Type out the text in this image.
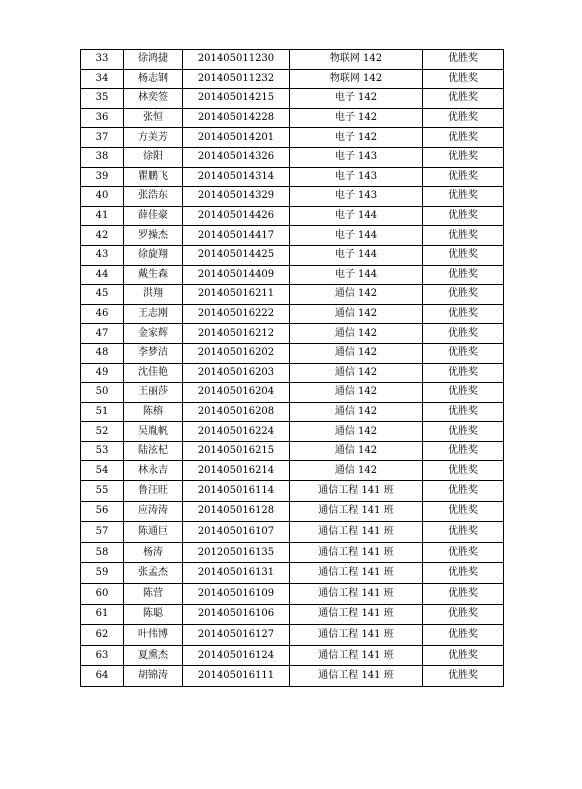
33	徐鸿捷	201405011230	物联网 142	优胜奖
34	杨志钢	201405011232	物联网 142	优胜奖
35	林奕签	201405014215	电子 142	优胜奖
36	张恒	201405014228	电子 142	优胜奖
37	方美芳	201405014201	电子 142	优胜奖
38	徐阳	201405014326	电子 143	优胜奖
39	瞿鹏飞	201405014314	电子 143	优胜奖
40	张浩东	201405014329	电子 143	优胜奖
41	薛佳豪	201405014426	电子 144	优胜奖
42	罗操杰	201405014417	电子 144	优胜奖
43	徐旋翔	201405014425	电子 144	优胜奖
44	戴生森	201405014409	电子 144	优胜奖
45	洪翔	201405016211	通信 142	优胜奖
46	王志刚	201405016222	通信 142	优胜奖
47	金家辉	201405016212	通信 142	优胜奖
48	李梦洁	201405016202	通信 142	优胜奖
49	沈佳艳	201405016203	通信 142	优胜奖
50	王丽莎	201405016204	通信 142	优胜奖
51	陈榕	201405016208	通信 142	优胜奖
52	吴胤帆	201405016224	通信 142	优胜奖
53	陆泫杞	201405016215	通信 142	优胜奖
54	林永吉	201405016214	通信 142	优胜奖
55	鲁汪旺	201405016114	通信工程 141 班	优胜奖
56	应涛涛	201405016128	通信工程 141 班	优胜奖
57	陈通巨	201405016107	通信工程 141 班	优胜奖
58	杨涛	201205016135	通信工程 141 班	优胜奖
59	张孟杰	201405016131	通信工程 141 班	优胜奖
60	陈营	201405016109	通信工程 141 班	优胜奖
61	陈聪	201405016106	通信工程 141 班	优胜奖
62	叶伟博	201405016127	通信工程 141 班	优胜奖
63	夏熏杰	201405016124	通信工程 141 班	优胜奖
64	胡锦涛	201405016111	通信工程 141 班	优胜奖
